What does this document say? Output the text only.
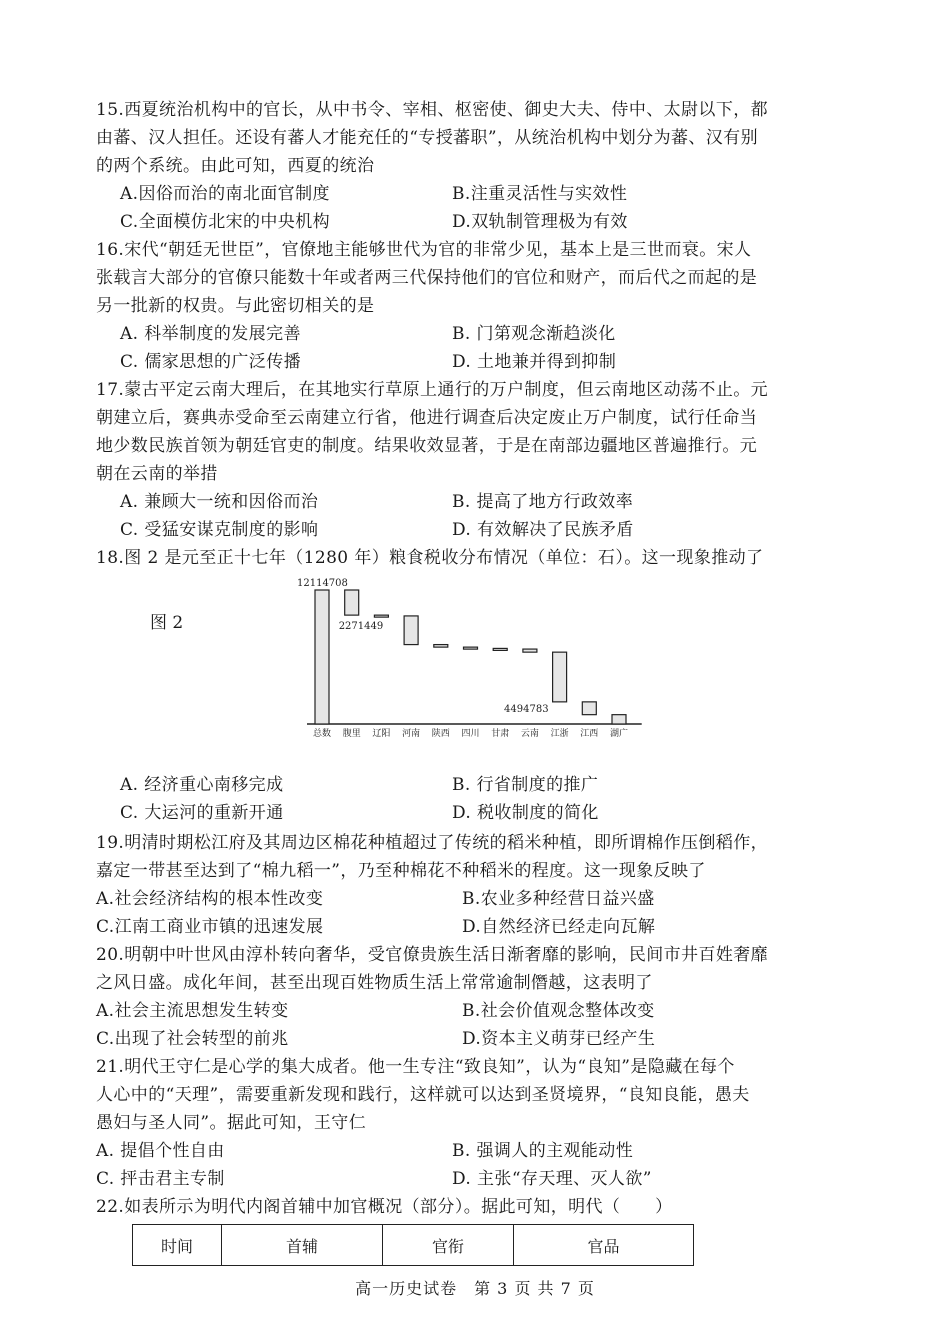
15.西夏统治机构中的官长，从中书令、宰相、枢密使、御史大夫、侍中、太尉以下，都
由蕃、汉人担任。还设有蕃人才能充任的“专授蕃职”，从统治机构中划分为蕃、汉有别
的两个系统。由此可知，西夏的统治
A.因俗而治的南北面官制度	B.注重灵活性与实效性
C.全面模仿北宋的中央机构	D.双轨制管理极为有效
16.宋代“朝廷无世臣”，官僚地主能够世代为官的非常少见，基本上是三世而衰。宋人
张载言大部分的官僚只能数十年或者两三代保持他们的官位和财产，而后代之而起的是
另一批新的权贵。与此密切相关的是
A. 科举制度的发展完善	B. 门第观念渐趋淡化
C. 儒家思想的广泛传播	D. 土地兼并得到抑制
17.蒙古平定云南大理后，在其地实行草原上通行的万户制度，但云南地区动荡不止。元
朝建立后，赛典赤受命至云南建立行省，他进行调查后决定废止万户制度，试行任命当
地少数民族首领为朝廷官吏的制度。结果收效显著，于是在南部边疆地区普遍推行。元
朝在云南的举措
A. 兼顾大一统和因俗而治	B. 提高了地方行政效率
C. 受猛安谋克制度的影响	D. 有效解决了民族矛盾
18.图 2 是元至正十七年（1280 年）粮食税收分布情况（单位：石）。这一现象推动了
图 2
总数 腹里 辽阳 河南 陕西 四川 甘肃 云南 江浙 江西 湖广
12114708
2271449
4494783
A. 经济重心南移完成	B. 行省制度的推广
C. 大运河的重新开通	D. 税收制度的简化
19.明清时期松江府及其周边区棉花种植超过了传统的稻米种植，即所谓棉作压倒稻作，
嘉定一带甚至达到了“棉九稻一”，乃至种棉花不种稻米的程度。这一现象反映了
A.社会经济结构的根本性改变	B.农业多种经营日益兴盛
C.江南工商业市镇的迅速发展	D.自然经济已经走向瓦解
20.明朝中叶世风由淳朴转向奢华，受官僚贵族生活日渐奢靡的影响，民间市井百姓奢靡
之风日盛。成化年间，甚至出现百姓物质生活上常常逾制僭越，这表明了
A.社会主流思想发生转变	B.社会价值观念整体改变
C.出现了社会转型的前兆	D.资本主义萌芽已经产生
21.明代王守仁是心学的集大成者。他一生专注“致良知”，认为“良知”是隐藏在每个
人心中的“天理”，需要重新发现和践行，这样就可以达到圣贤境界，“良知良能，愚夫
愚妇与圣人同”。据此可知，王守仁
A. 提倡个性自由	B. 强调人的主观能动性
C. 抨击君主专制	D. 主张“存天理、灭人欲”
22.如表所示为明代内阁首辅中加官概况（部分）。据此可知，明代（　　）
时间	首辅	官衔	官品
高一历史试卷　第 3 页 共 7 页
